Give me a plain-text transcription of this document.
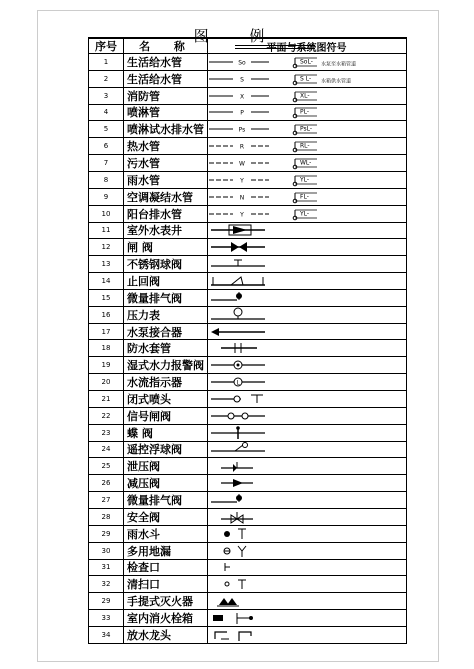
图 例
序号	名 称	平面与系统图符号
1	生活给水管	So	SoL- 水泵至水箱管道
2	生活给水管	S	S L- 水箱供水管道
3	消防管	X	XL-
4	喷淋管	P	PL-
5	喷淋试水排水管	Ps	PsL-
6	热水管	R	RL-
7	污水管	W	WL-
8	雨水管	Y	YL-
9	空调凝结水管	N	FL-
10	阳台排水管	Y	YL-
11	室外水表井
12	闸 阀
13	不锈钢球阀
14	止回阀
15	微量排气阀
16	压力表
17	水泵接合器
18	防水套管
19	湿式水力报警阀
20	水流指示器	L
21	闭式喷头
22	信号闸阀
23	蝶 阀
24	遥控浮球阀
25	泄压阀
26	减压阀
27	微量排气阀
28	安全阀
29	雨水斗
30	多用地漏
31	检查口
32	清扫口
29	手提式灭火器
33	室内消火栓箱
34	放水龙头
